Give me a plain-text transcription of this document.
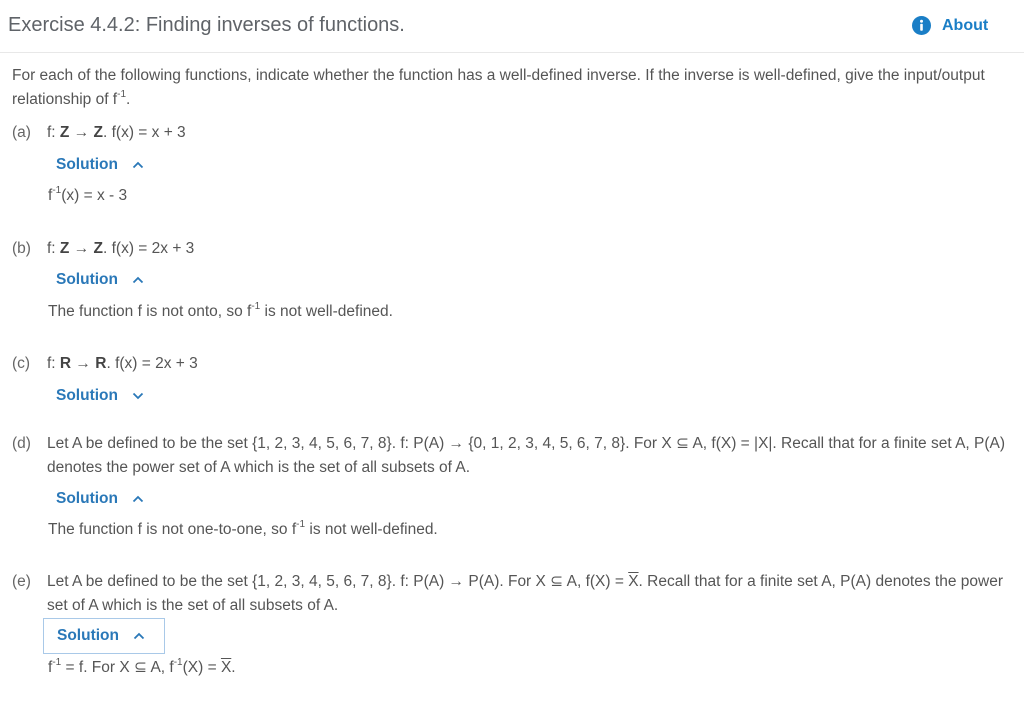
Exercise 4.4.2: Finding inverses of functions.	About
For each of the following functions, indicate whether the function has a well-defined inverse. If the inverse is well-defined, give the input/output relationship of $f^{-1}$.
(a) f: Z → Z. f(x) = x + 3
Solution
$f^{-1}(x) = x - 3$
(b) f: Z → Z. f(x) = 2x + 3
Solution
The function f is not onto, so $f^{-1}$ is not well-defined.
(c) f: R → R. f(x) = 2x + 3
Solution
(d) Let A be defined to be the set {1, 2, 3, 4, 5, 6, 7, 8}. f: P(A) → {0, 1, 2, 3, 4, 5, 6, 7, 8}. For X ⊆ A, f(X) = |X|. Recall that for a finite set A, P(A) denotes the power set of A which is the set of all subsets of A.
Solution
The function f is not one-to-one, so $f^{-1}$ is not well-defined.
(e) Let A be defined to be the set {1, 2, 3, 4, 5, 6, 7, 8}. f: P(A) → P(A). For X ⊆ A, $f(X) = \overline{X}$. Recall that for a finite set A, P(A) denotes the power set of A which is the set of all subsets of A.
Solution
$f^{-1} = f$. For X ⊆ A, $f^{-1}(X) = \overline{X}$.
